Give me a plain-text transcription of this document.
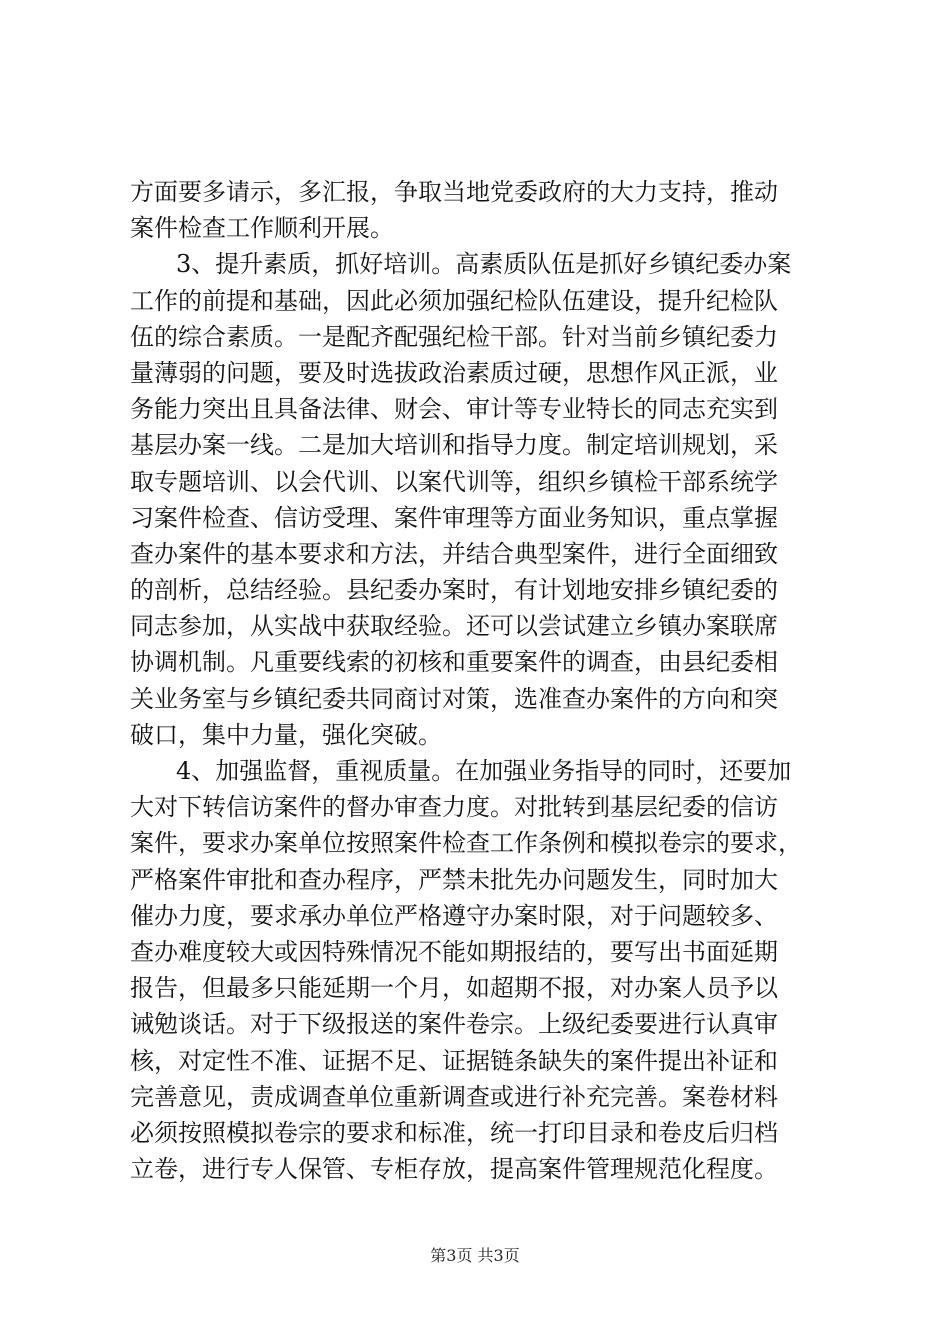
方面要多请示，多汇报，争取当地党委政府的大力支持，推动
案件检查工作顺利开展。
3、提升素质，抓好培训。高素质队伍是抓好乡镇纪委办案
工作的前提和基础，因此必须加强纪检队伍建设，提升纪检队
伍的综合素质。一是配齐配强纪检干部。针对当前乡镇纪委力
量薄弱的问题，要及时选拔政治素质过硬，思想作风正派，业
务能力突出且具备法律、财会、审计等专业特长的同志充实到
基层办案一线。二是加大培训和指导力度。制定培训规划，采
取专题培训、以会代训、以案代训等，组织乡镇检干部系统学
习案件检查、信访受理、案件审理等方面业务知识，重点掌握
查办案件的基本要求和方法，并结合典型案件，进行全面细致
的剖析，总结经验。县纪委办案时，有计划地安排乡镇纪委的
同志参加，从实战中获取经验。还可以尝试建立乡镇办案联席
协调机制。凡重要线索的初核和重要案件的调查，由县纪委相
关业务室与乡镇纪委共同商讨对策，选准查办案件的方向和突
破口，集中力量，强化突破。
4、加强监督，重视质量。在加强业务指导的同时，还要加
大对下转信访案件的督办审查力度。对批转到基层纪委的信访
案件，要求办案单位按照案件检查工作条例和模拟卷宗的要求，
严格案件审批和查办程序，严禁未批先办问题发生，同时加大
催办力度，要求承办单位严格遵守办案时限，对于问题较多、
查办难度较大或因特殊情况不能如期报结的，要写出书面延期
报告，但最多只能延期一个月，如超期不报，对办案人员予以
诫勉谈话。对于下级报送的案件卷宗。上级纪委要进行认真审
核，对定性不准、证据不足、证据链条缺失的案件提出补证和
完善意见，责成调查单位重新调查或进行补充完善。案卷材料
必须按照模拟卷宗的要求和标准，统一打印目录和卷皮后归档
立卷，进行专人保管、专柜存放，提高案件管理规范化程度。
第3页 共3页
